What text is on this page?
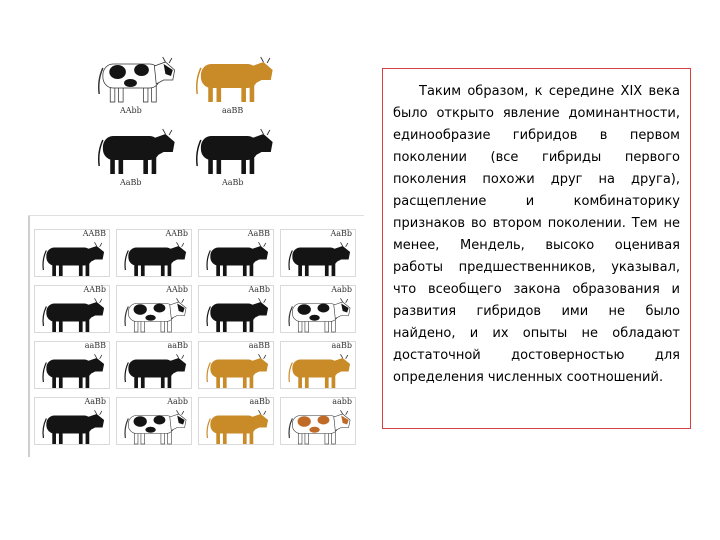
AAbb	aaBB
AaBb	AaBb
AABB	AABb	AaBB	AaBb
AABb	AAbb	AaBb	Aabb
aaBB	aaBb	aaBB	aaBb
AaBb	Aabb	aaBb	aabb

Таким образом, к середине XIX века было открыто явление доминантности, единообразие гибридов в первом поколении (все гибриды первого поколения похожи друг на друга), расщепление и комбинаторику признаков во втором поколении. Тем не менее, Мендель, высоко оценивая работы предшественников, указывал, что всеобщего закона образования и развития гибридов ими не было найдено, и их опыты не обладают достаточной достоверностью для определения численных соотношений.
